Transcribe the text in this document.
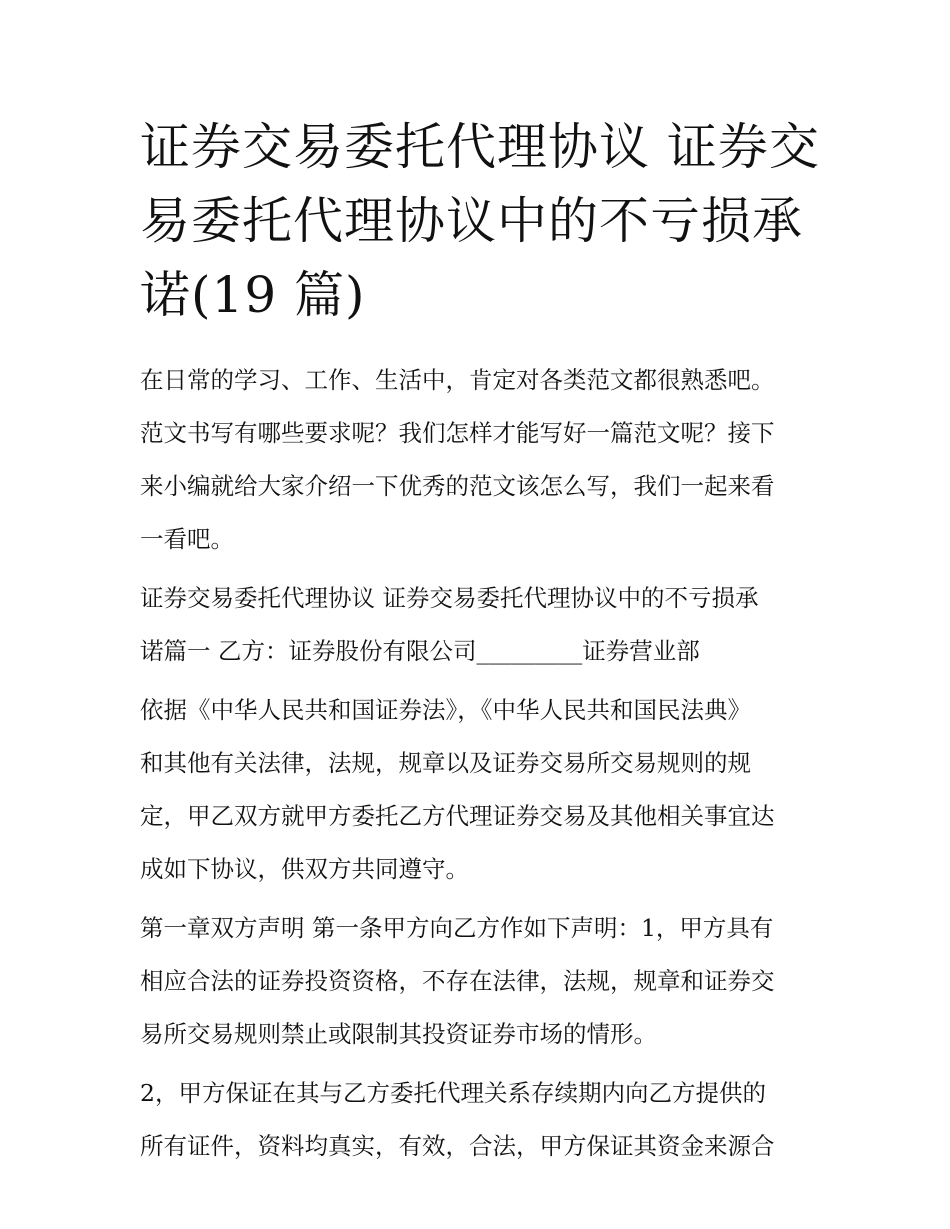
证券交易委托代理协议 证券交
易委托代理协议中的不亏损承
诺(19 篇)
在日常的学习、工作、生活中，肯定对各类范文都很熟悉吧。
范文书写有哪些要求呢？我们怎样才能写好一篇范文呢？接下
来小编就给大家介绍一下优秀的范文该怎么写，我们一起来看
一看吧。
证券交易委托代理协议 证券交易委托代理协议中的不亏损承
诺篇一 乙方：证券股份有限公司_________证券营业部
依据《中华人民共和国证券法》，《中华人民共和国民法典》
和其他有关法律，法规，规章以及证券交易所交易规则的规
定，甲乙双方就甲方委托乙方代理证券交易及其他相关事宜达
成如下协议，供双方共同遵守。
第一章双方声明 第一条甲方向乙方作如下声明：1，甲方具有
相应合法的证券投资资格，不存在法律，法规，规章和证券交
易所交易规则禁止或限制其投资证券市场的情形。
2，甲方保证在其与乙方委托代理关系存续期内向乙方提供的
所有证件，资料均真实，有效，合法，甲方保证其资金来源合
